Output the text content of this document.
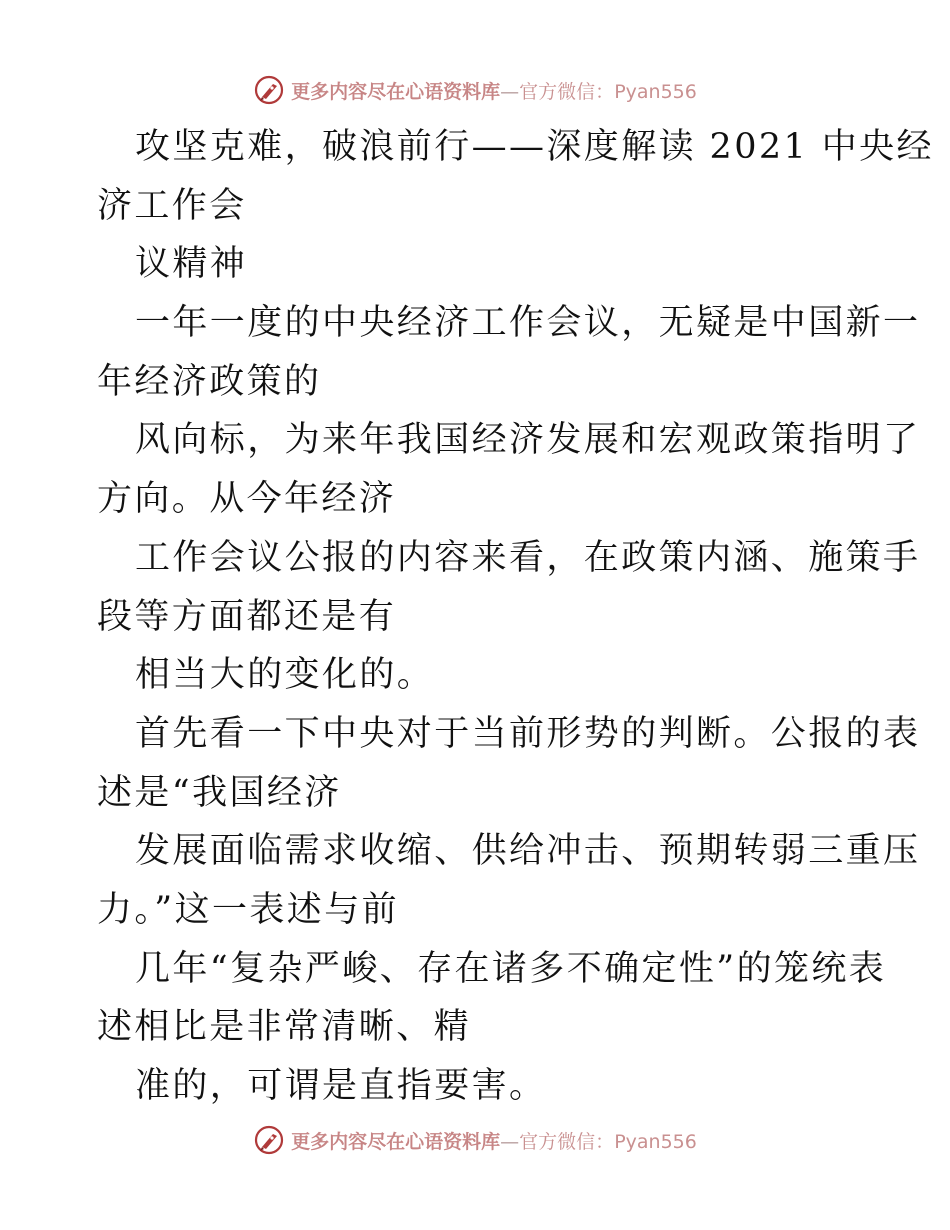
更多内容尽在心语资料库—官方微信：Pyan556
攻坚克难，破浪前行——深度解读 2021 中央经
济工作会
议精神
一年一度的中央经济工作会议，无疑是中国新一
年经济政策的
风向标，为来年我国经济发展和宏观政策指明了
方向。从今年经济
工作会议公报的内容来看，在政策内涵、施策手
段等方面都还是有
相当大的变化的。
首先看一下中央对于当前形势的判断。公报的表
述是“我国经济
发展面临需求收缩、供给冲击、预期转弱三重压
力。”这一表述与前
几年“复杂严峻、存在诸多不确定性”的笼统表
述相比是非常清晰、精
准的，可谓是直指要害。
更多内容尽在心语资料库—官方微信：Pyan556
